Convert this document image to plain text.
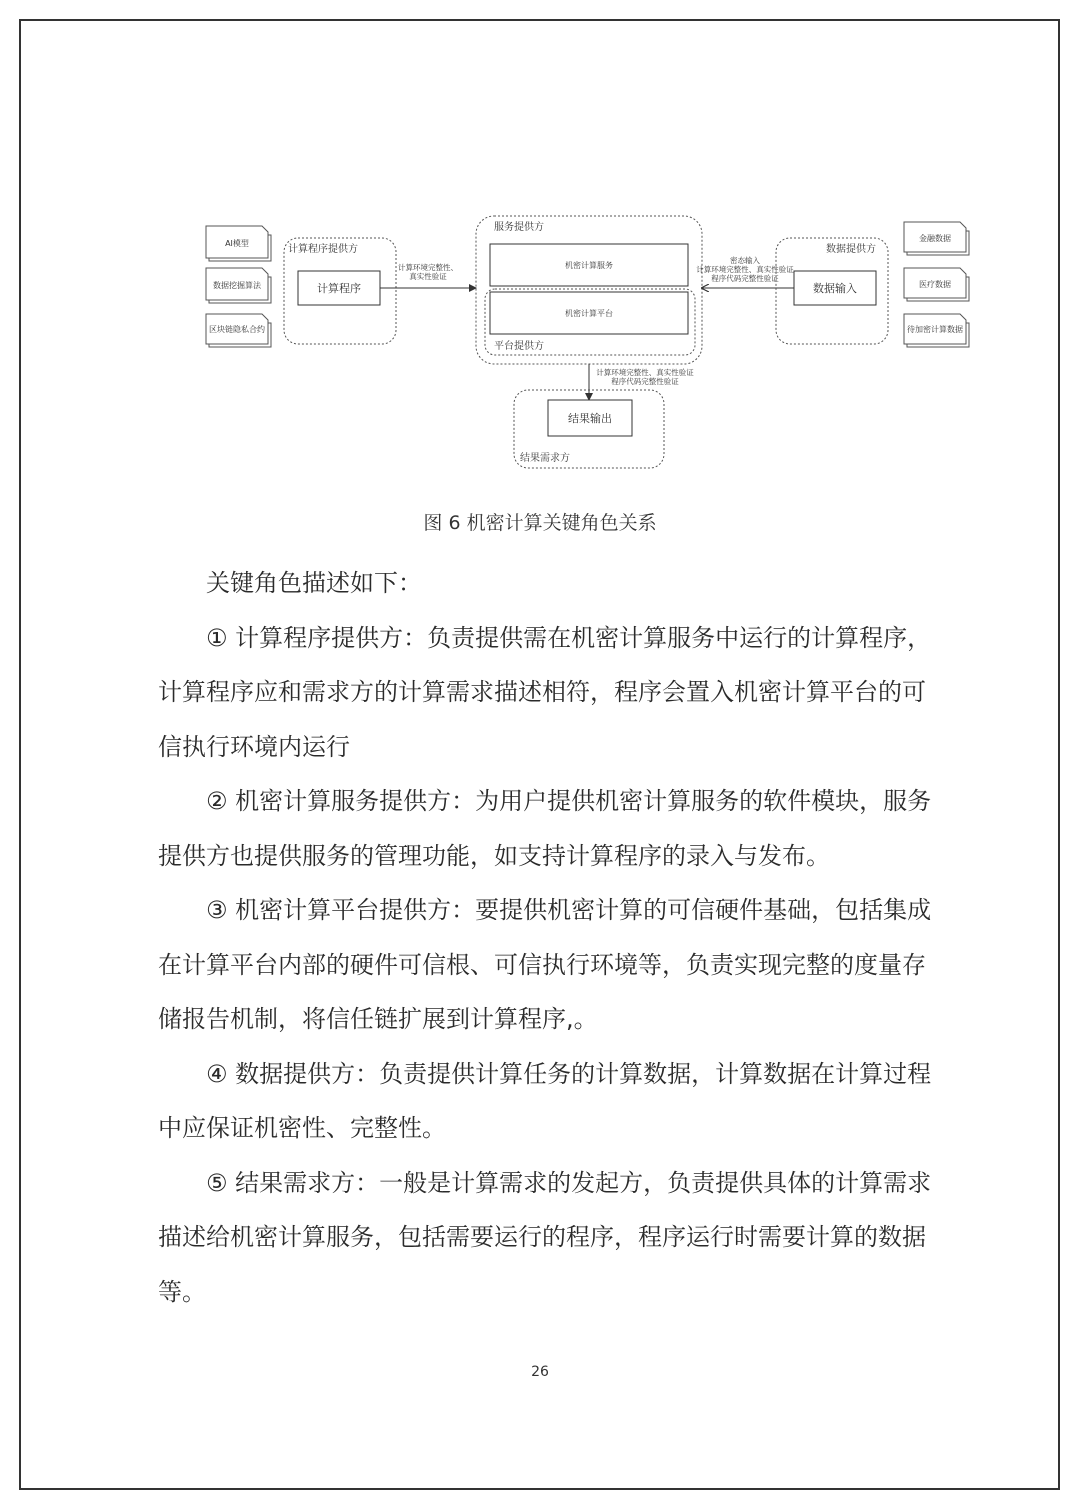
AI模型
数据挖掘算法
区块链隐私合约
计算程序提供方
计算程序
计算环境完整性、
真实性验证
服务提供方
机密计算服务
机密计算平台
平台提供方
密态输入
计算环境完整性、真实性验证
程序代码完整性验证
数据提供方
数据输入
金融数据
医疗数据
待加密计算数据
计算环境完整性、真实性验证
程序代码完整性验证
结果输出
结果需求方
图 6 机密计算关键角色关系

关键角色描述如下：

① 计算程序提供方：负责提供需在机密计算服务中运行的计算程序，计算程序应和需求方的计算需求描述相符，程序会置入机密计算平台的可信执行环境内运行

② 机密计算服务提供方：为用户提供机密计算服务的软件模块，服务提供方也提供服务的管理功能，如支持计算程序的录入与发布。

③ 机密计算平台提供方：要提供机密计算的可信硬件基础，包括集成在计算平台内部的硬件可信根、可信执行环境等，负责实现完整的度量存储报告机制，将信任链扩展到计算程序,。

④ 数据提供方：负责提供计算任务的计算数据，计算数据在计算过程中应保证机密性、完整性。

⑤ 结果需求方：一般是计算需求的发起方，负责提供具体的计算需求描述给机密计算服务，包括需要运行的程序，程序运行时需要计算的数据等。

26
